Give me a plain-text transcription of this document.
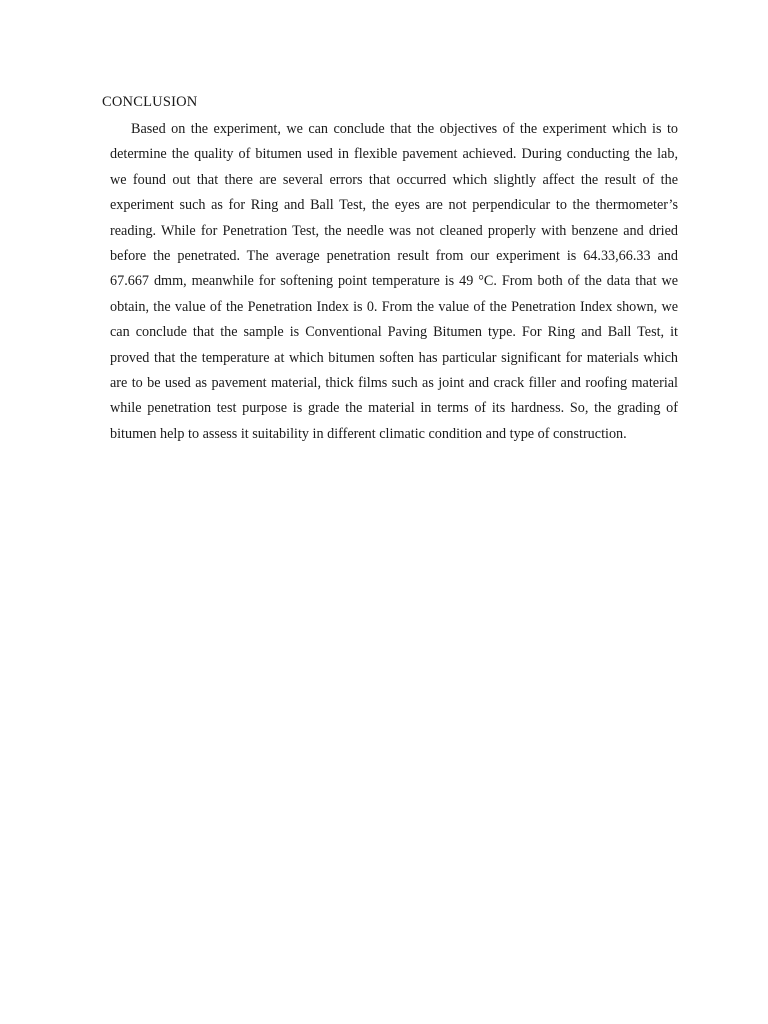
CONCLUSION
Based on the experiment, we can conclude that the objectives of the experiment which is to
determine the quality of bitumen used in flexible pavement achieved. During conducting the lab,
we found out that there are several errors that occurred which slightly affect the result of the
experiment such as for Ring and Ball Test, the eyes are not perpendicular to the thermometer’s
reading. While for Penetration Test, the needle was not cleaned properly with benzene and dried
before the penetrated. The average penetration result from our experiment is 64.33,66.33 and
67.667 dmm, meanwhile for softening point temperature is 49 °C. From both of the data that we
obtain, the value of the Penetration Index is 0. From the value of the Penetration Index shown, we
can conclude that the sample is Conventional Paving Bitumen type. For Ring and Ball Test, it
proved that the temperature at which bitumen soften has particular significant for materials which
are to be used as pavement material, thick films such as joint and crack filler and roofing material
while penetration test purpose is grade the material in terms of its hardness. So, the grading of
bitumen help to assess it suitability in different climatic condition and type of construction.
